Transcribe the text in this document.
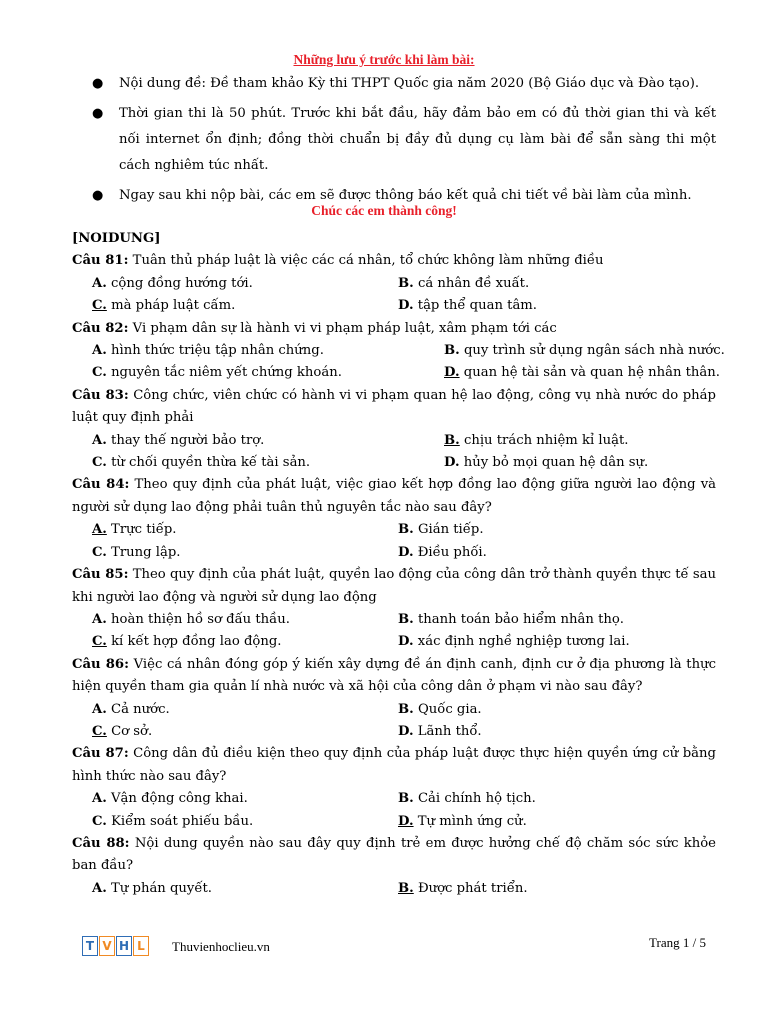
Những lưu ý trước khi làm bài:
● Nội dung đề: Đề tham khảo Kỳ thi THPT Quốc gia năm 2020 (Bộ Giáo dục và Đào tạo).
● Thời gian thi là 50 phút. Trước khi bắt đầu, hãy đảm bảo em có đủ thời gian thi và kết nối internet ổn định; đồng thời chuẩn bị đầy đủ dụng cụ làm bài để sẵn sàng thi một cách nghiêm túc nhất.
● Ngay sau khi nộp bài, các em sẽ được thông báo kết quả chi tiết về bài làm của mình.
Chúc các em thành công!
[NOIDUNG]
Câu 81: Tuân thủ pháp luật là việc các cá nhân, tổ chức không làm những điều
A. cộng đồng hướng tới.	B. cá nhân đề xuất.
C. mà pháp luật cấm.	D. tập thể quan tâm.
Câu 82: Vi phạm dân sự là hành vi vi phạm pháp luật, xâm phạm tới các
A. hình thức triệu tập nhân chứng.	B. quy trình sử dụng ngân sách nhà nước.
C. nguyên tắc niêm yết chứng khoán.	D. quan hệ tài sản và quan hệ nhân thân.
Câu 83: Công chức, viên chức có hành vi vi phạm quan hệ lao động, công vụ nhà nước do pháp luật quy định phải
A. thay thế người bảo trợ.	B. chịu trách nhiệm kỉ luật.
C. từ chối quyền thừa kế tài sản.	D. hủy bỏ mọi quan hệ dân sự.
Câu 84: Theo quy định của phát luật, việc giao kết hợp đồng lao động giữa người lao động và người sử dụng lao động phải tuân thủ nguyên tắc nào sau đây?
A. Trực tiếp.	B. Gián tiếp.
C. Trung lập.	D. Điều phối.
Câu 85: Theo quy định của phát luật, quyền lao động của công dân trở thành quyền thực tế sau khi người lao động và người sử dụng lao động
A. hoàn thiện hồ sơ đấu thầu.	B. thanh toán bảo hiểm nhân thọ.
C. kí kết hợp đồng lao động.	D. xác định nghề nghiệp tương lai.
Câu 86: Việc cá nhân đóng góp ý kiến xây dựng đề án định canh, định cư ở địa phương là thực hiện quyền tham gia quản lí nhà nước và xã hội của công dân ở phạm vi nào sau đây?
A. Cả nước.	B. Quốc gia.
C. Cơ sở.	D. Lãnh thổ.
Câu 87: Công dân đủ điều kiện theo quy định của pháp luật được thực hiện quyền ứng cử bằng hình thức nào sau đây?
A. Vận động công khai.	B. Cải chính hộ tịch.
C. Kiểm soát phiếu bầu.	D. Tự mình ứng cử.
Câu 88: Nội dung quyền nào sau đây quy định trẻ em được hưởng chế độ chăm sóc sức khỏe ban đầu?
A. Tự phán quyết.	B. Được phát triển.
T V H L	Thuvienhoclieu.vn	Trang 1 / 5
